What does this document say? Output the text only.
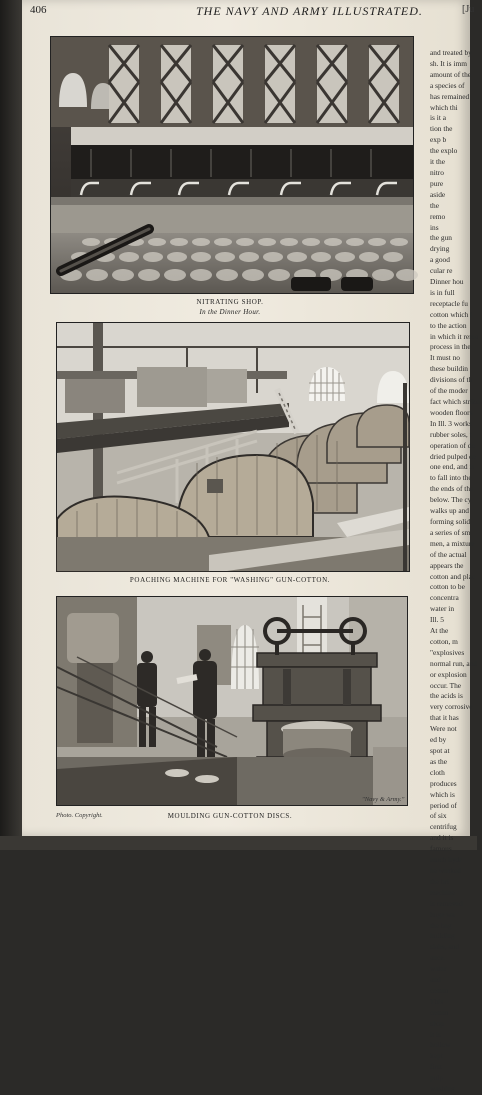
406	THE NAVY AND ARMY ILLUSTRATED.	[Ju
NITRATING SHOP.
In the Dinner Hour.
POACHING MACHINE FOR "WASHING" GUN-COTTON.
Photo. Copyright.	MOULDING GUN-COTTON DISCS.
"Navy & Army."
and treated by
sh. It is imm
amount of the
a species of
has remained
which thi
is it a
tion the
exp b
the explo
it the
nitro
pure
aside
the
remo
ins
the gun
drying
a good
cular re
Dinner hou
is in full
receptacle fu
cotton which i
to the action
in which it rema
process in the
It must no
these buildin
divisions of th
of the moder
fact which strikes
wooden floors
In Ill. 3 works
rubber soles, t
operation of do
dried pulped co
one end, and is
to fall into the
the ends of the
below. The cy
walks up and
forming solid
a series of sm
men, a mixture
of the actual
appears the
cotton and plac
cotton to be
concentra
water in
Ill. 5
At the
cotton, m
"explosives
normal run, and
or explosion
occur. The
the acids is
very corrosive
that it has
Were not
ed by
spot at
as the
cloth
produces
which is
period of
of six
centrifug
and it is
famous
much hydr
be worked
the bri
machine
is removed
huge wa
the bag
building
slabs, and
ance.
water
and
cotton
This
cotton
shop
it is
hollow
kept
first
pulp
washing
